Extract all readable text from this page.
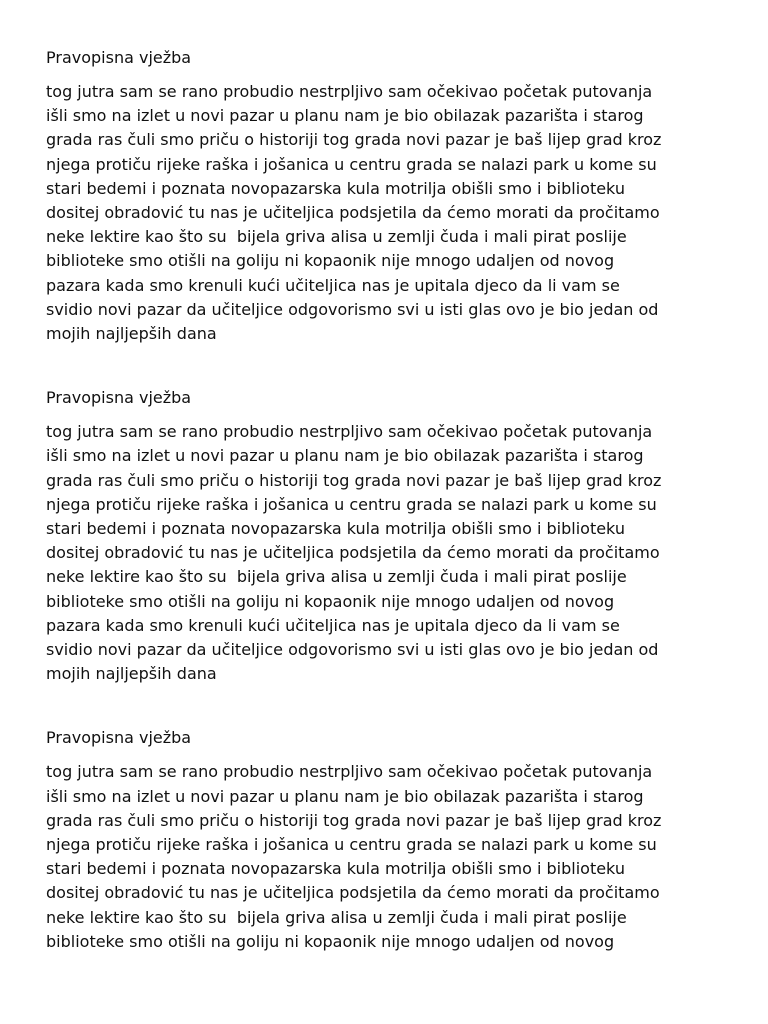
Pravopisna vježba
tog jutra sam se rano probudio nestrpljivo sam očekivao početak putovanja
išli smo na izlet u novi pazar u planu nam je bio obilazak pazarišta i starog
grada ras čuli smo priču o historiji tog grada novi pazar je baš lijep grad kroz
njega protiču rijeke raška i jošanica u centru grada se nalazi park u kome su
stari bedemi i poznata novopazarska kula motrilja obišli smo i biblioteku
dositej obradović tu nas je učiteljica podsjetila da ćemo morati da pročitamo
neke lektire kao što su  bijela griva alisa u zemlji čuda i mali pirat poslije
biblioteke smo otišli na goliju ni kopaonik nije mnogo udaljen od novog
pazara kada smo krenuli kući učiteljica nas je upitala djeco da li vam se
svidio novi pazar da učiteljice odgovorismo svi u isti glas ovo je bio jedan od
mojih najljepših dana
Pravopisna vježba
tog jutra sam se rano probudio nestrpljivo sam očekivao početak putovanja
išli smo na izlet u novi pazar u planu nam je bio obilazak pazarišta i starog
grada ras čuli smo priču o historiji tog grada novi pazar je baš lijep grad kroz
njega protiču rijeke raška i jošanica u centru grada se nalazi park u kome su
stari bedemi i poznata novopazarska kula motrilja obišli smo i biblioteku
dositej obradović tu nas je učiteljica podsjetila da ćemo morati da pročitamo
neke lektire kao što su  bijela griva alisa u zemlji čuda i mali pirat poslije
biblioteke smo otišli na goliju ni kopaonik nije mnogo udaljen od novog
pazara kada smo krenuli kući učiteljica nas je upitala djeco da li vam se
svidio novi pazar da učiteljice odgovorismo svi u isti glas ovo je bio jedan od
mojih najljepših dana
Pravopisna vježba
tog jutra sam se rano probudio nestrpljivo sam očekivao početak putovanja
išli smo na izlet u novi pazar u planu nam je bio obilazak pazarišta i starog
grada ras čuli smo priču o historiji tog grada novi pazar je baš lijep grad kroz
njega protiču rijeke raška i jošanica u centru grada se nalazi park u kome su
stari bedemi i poznata novopazarska kula motrilja obišli smo i biblioteku
dositej obradović tu nas je učiteljica podsjetila da ćemo morati da pročitamo
neke lektire kao što su  bijela griva alisa u zemlji čuda i mali pirat poslije
biblioteke smo otišli na goliju ni kopaonik nije mnogo udaljen od novog
